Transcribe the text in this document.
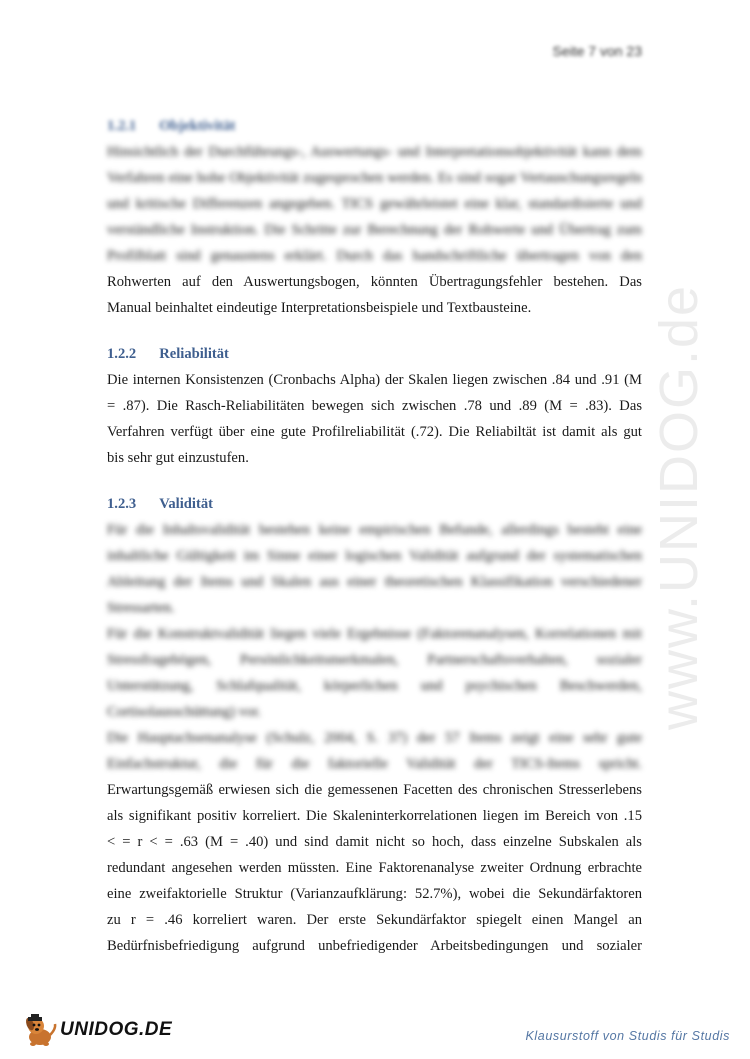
Seite 7 von 23
www.UNIDOG.de
1.2.1 Objektivität

Hinsichtlich der Durchführungs-, Auswertungs- und Interpretationsobjektivität kann dem Verfahren eine hohe Objektivität zugesprochen werden. Es sind sogar Vertauschungsregeln und kritische Differenzen angegeben. TICS gewährleistet eine klar, standardisierte und verständliche Instruktion. Die Schritte zur Berechnung der Rohwerte und Übertrag zum Profilblatt sind genaustens erklärt. Durch das handschriftliche übertragen von den

Rohwerten auf den Auswertungsbogen, könnten Übertragungsfehler bestehen. Das
Manual beinhaltet eindeutige Interpretationsbeispiele und Textbausteine.
1.2.2 Reliabilität
Die internen Konsistenzen (Cronbachs Alpha) der Skalen liegen zwischen .84 und .91 (M
= .87). Die Rasch-Reliabilitäten bewegen sich zwischen .78 und .89 (M = .83). Das
Verfahren verfügt über eine gute Profilreliabilität (.72). Die Reliabiltät ist damit als gut
bis sehr gut einzustufen.
1.2.3 Validität

Für die Inhaltsvalidität bestehen keine empirischen Befunde, allerdings besteht eine inhaltliche Gültigkeit im Sinne einer logischen Validität aufgrund der systematischen Ableitung der Items und Skalen aus einer theoretischen Klassifikation verschiedener Stressarten.

Für die Konstruktvalidität liegen viele Ergebnisse (Faktorenanalysen, Korrelationen mit Stressfragebögen, Persönlichkeitsmerkmalen, Partnerschaftsverhalten, sozialer Unterstützung, Schlafqualität, körperlichen und psychischen Beschwerden, Cortisolausschüttung) vor.

Die Hauptachsenanalyse (Schulz, 2004, S. 37) der 57 Items zeigt eine sehr gute Einfachstruktur, die für die faktorielle Validität der TICS-Items spricht.

Erwartungsgemäß erwiesen sich die gemessenen Facetten des chronischen Stresserlebens
als signifikant positiv korreliert. Die Skaleninterkorrelationen liegen im Bereich von .15
< = r < = .63 (M = .40) und sind damit nicht so hoch, dass einzelne Subskalen als
redundant angesehen werden müssten. Eine Faktorenanalyse zweiter Ordnung erbrachte
eine zweifaktorielle Struktur (Varianzaufklärung: 52.7%), wobei die Sekundärfaktoren
zu r = .46 korreliert waren. Der erste Sekundärfaktor spiegelt einen Mangel an
Bedürfnisbefriedigung aufgrund unbefriedigender Arbeitsbedingungen und sozialer
UNIDOG.DE	Klausurstoff von Studis für Studis
